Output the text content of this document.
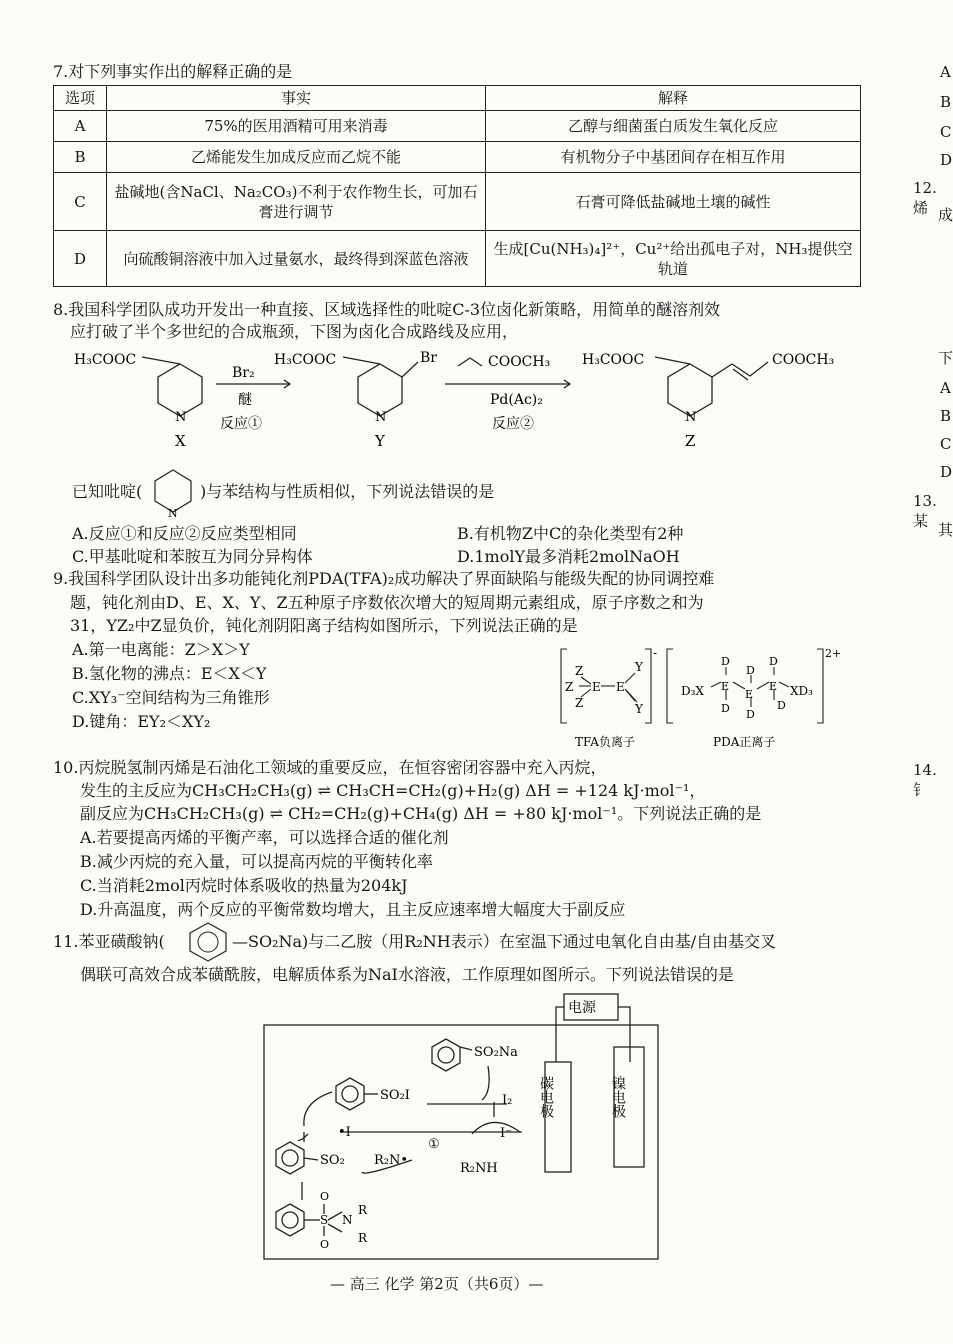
7.对下列事实作出的解释正确的是
选项	事实	解释
A	75%的医用酒精可用来消毒	乙醇与细菌蛋白质发生氧化反应
B	乙烯能发生加成反应而乙烷不能	有机物分子中基团间存在相互作用
C	盐碱地(含NaCl、Na₂CO₃)不利于农作物生长，可加石膏进行调节	石膏可降低盐碱地土壤的碱性
D	向硫酸铜溶液中加入过量氨水，最终得到深蓝色溶液	生成[Cu(NH₃)₄]²⁺，Cu²⁺给出孤电子对，NH₃提供空轨道
8.我国科学团队成功开发出一种直接、区域选择性的吡啶C-3位卤化新策略，用简单的醚溶剂效
应打破了半个多世纪的合成瓶颈，下图为卤化合成路线及应用，
H₃COOC	H₃COOC	Br	H₃COOC	COOCH₃
N	N	N
Br₂
醚
反应①
COOCH₃
Pd(Ac)₂
反应②
X	Y	Z
已知吡啶(
N
)与苯结构与性质相似，下列说法错误的是
A.反应①和反应②反应类型相同	B.有机物Z中C的杂化类型有2种
C.甲基吡啶和苯胺互为同分异构体	D.1molY最多消耗2molNaOH
9.我国科学团队设计出多功能钝化剂PDA(TFA)₂成功解决了界面缺陷与能级失配的协同调控难
题，钝化剂由D、E、X、Y、Z五种原子序数依次增大的短周期元素组成，原子序数之和为
31，YZ₂中Z显负价，钝化剂阴阳离子结构如图所示，下列说法正确的是
A.第一电离能：Z＞X＞Y
B.氢化物的沸点：E＜X＜Y
C.XY₃⁻空间结构为三角锥形
D.键角：EY₂＜XY₂
-	2+
Z
Z
Z
E E
Y
Y
D₃X E
E
E
D
D
D
D
D
D
XD₃
TFA负离子	PDA正离子
10.丙烷脱氢制丙烯是石油化工领域的重要反应，在恒容密闭容器中充入丙烷，
发生的主反应为CH₃CH₂CH₃(g) ⇌ CH₃CH=CH₂(g)+H₂(g) ΔH = +124 kJ·mol⁻¹，
副反应为CH₃CH₂CH₃(g) ⇌ CH₂=CH₂(g)+CH₄(g) ΔH = +80 kJ·mol⁻¹。下列说法正确的是
A.若要提高丙烯的平衡产率，可以选择合适的催化剂
B.减少丙烷的充入量，可以提高丙烷的平衡转化率
C.当消耗2mol丙烷时体系吸收的热量为204kJ
D.升高温度，两个反应的平衡常数均增大，且主反应速率增大幅度大于副反应
11.苯亚磺酸钠(	—SO₂Na)与二乙胺（用R₂NH表示）在室温下通过电氧化自由基/自由基交叉
偶联可高效合成苯磺酰胺，电解质体系为NaI水溶液，工作原理如图所示。下列说法错误的是
电源
碳电极	镍电极
SO₂Na
SO₂I	I₂
•I	I⁻
①
SO₂ R₂N•
R₂NH
O
S
O
N
R
R
— 高三 化学 第2页（共6页）—
A
B
C
D
12.烯 成
下
A
B
C
D
13.某 其
14.钅
